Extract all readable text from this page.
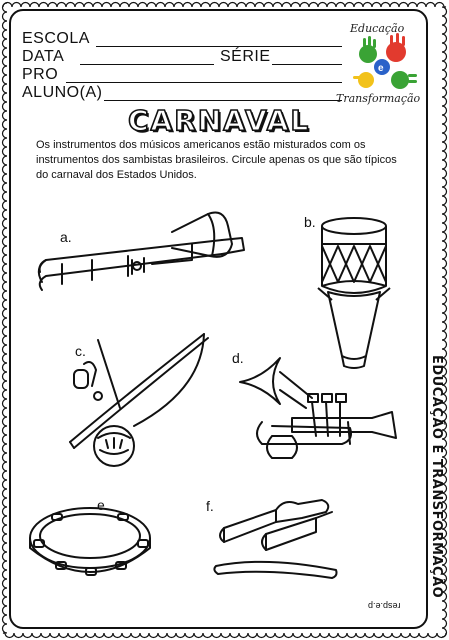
ESCOLA
DATA	SÉRIE
PRO
ALUNO(A)
Educação
e
Transformação
CARNAVAL
Os instrumentos dos músicos americanos estão misturados com os instrumentos dos sambistas brasileiros. Circule apenas os que são típicos do carnaval dos Estados Unidos.
a.
b.
c.	d.
e.	f.	EDUCAÇÃO E TRANSFORMAÇÃO
resp.e.p
